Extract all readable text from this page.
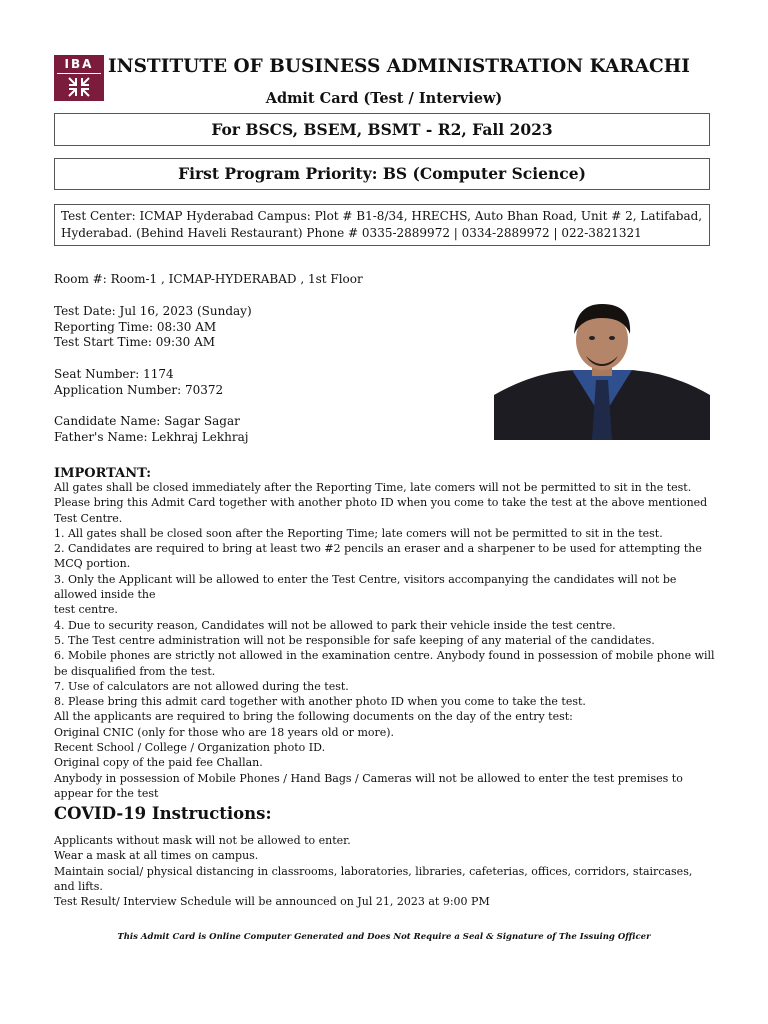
IBA INSTITUTE OF BUSINESS ADMINISTRATION KARACHI
Admit Card (Test / Interview)
For BSCS, BSEM, BSMT - R2, Fall 2023
First Program Priority: BS (Computer Science)
Test Center: ICMAP Hyderabad Campus: Plot # B1-8/34, HRECHS, Auto Bhan Road, Unit # 2, Latifabad, Hyderabad. (Behind Haveli Restaurant) Phone # 0335-2889972 | 0334-2889972 | 022-3821321
Room #: Room-1 , ICMAP-HYDERABAD , 1st Floor
Test Date: Jul 16, 2023 (Sunday)
Reporting Time: 08:30 AM
Test Start Time: 09:30 AM
Seat Number: 1174
Application Number: 70372
Candidate Name: Sagar Sagar
Father's Name: Lekhraj Lekhraj
IMPORTANT:
All gates shall be closed immediately after the Reporting Time, late comers will not be permitted to sit in the test.
Please bring this Admit Card together with another photo ID when you come to take the test at the above mentioned Test Centre.
1. All gates shall be closed soon after the Reporting Time; late comers will not be permitted to sit in the test.
2. Candidates are required to bring at least two #2 pencils an eraser and a sharpener to be used for attempting the MCQ portion.
3. Only the Applicant will be allowed to enter the Test Centre, visitors accompanying the candidates will not be allowed inside the
test centre.
4. Due to security reason, Candidates will not be allowed to park their vehicle inside the test centre.
5. The Test centre administration will not be responsible for safe keeping of any material of the candidates.
6. Mobile phones are strictly not allowed in the examination centre. Anybody found in possession of mobile phone will be disqualified from the test.
7. Use of calculators are not allowed during the test.
8. Please bring this admit card together with another photo ID when you come to take the test.
All the applicants are required to bring the following documents on the day of the entry test:
Original CNIC (only for those who are 18 years old or more).
Recent School / College / Organization photo ID.
Original copy of the paid fee Challan.
Anybody in possession of Mobile Phones / Hand Bags / Cameras will not be allowed to enter the test premises to appear for the test
COVID-19 Instructions:
Applicants without mask will not be allowed to enter.
Wear a mask at all times on campus.
Maintain social/ physical distancing in classrooms, laboratories, libraries, cafeterias, offices, corridors, staircases, and lifts.
Test Result/ Interview Schedule will be announced on Jul 21, 2023 at 9:00 PM
This Admit Card is Online Computer Generated and Does Not Require a Seal & Signature of The Issuing Officer
